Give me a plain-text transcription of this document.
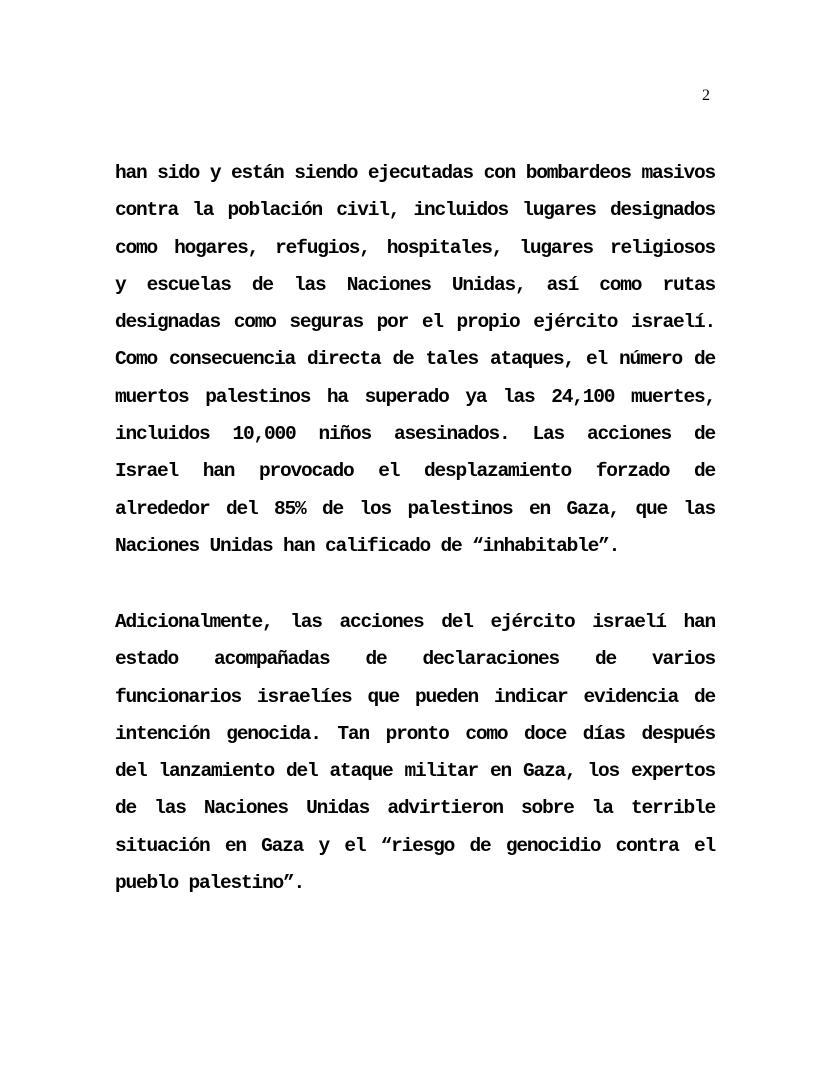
2
han sido y están siendo ejecutadas con bombardeos masivos
contra la población civil, incluidos lugares designados
como hogares, refugios, hospitales, lugares religiosos
y escuelas de las Naciones Unidas, así como rutas
designadas como seguras por el propio ejército israelí.
Como consecuencia directa de tales ataques, el número de
muertos palestinos ha superado ya las 24,100 muertes,
incluidos 10,000 niños asesinados. Las acciones de
Israel han provocado el desplazamiento forzado de
alrededor del 85% de los palestinos en Gaza, que las
Naciones Unidas han calificado de “inhabitable”.
Adicionalmente, las acciones del ejército israelí han
estado acompañadas de declaraciones de varios
funcionarios israelíes que pueden indicar evidencia de
intención genocida. Tan pronto como doce días después
del lanzamiento del ataque militar en Gaza, los expertos
de las Naciones Unidas advirtieron sobre la terrible
situación en Gaza y el “riesgo de genocidio contra el
pueblo palestino”.
